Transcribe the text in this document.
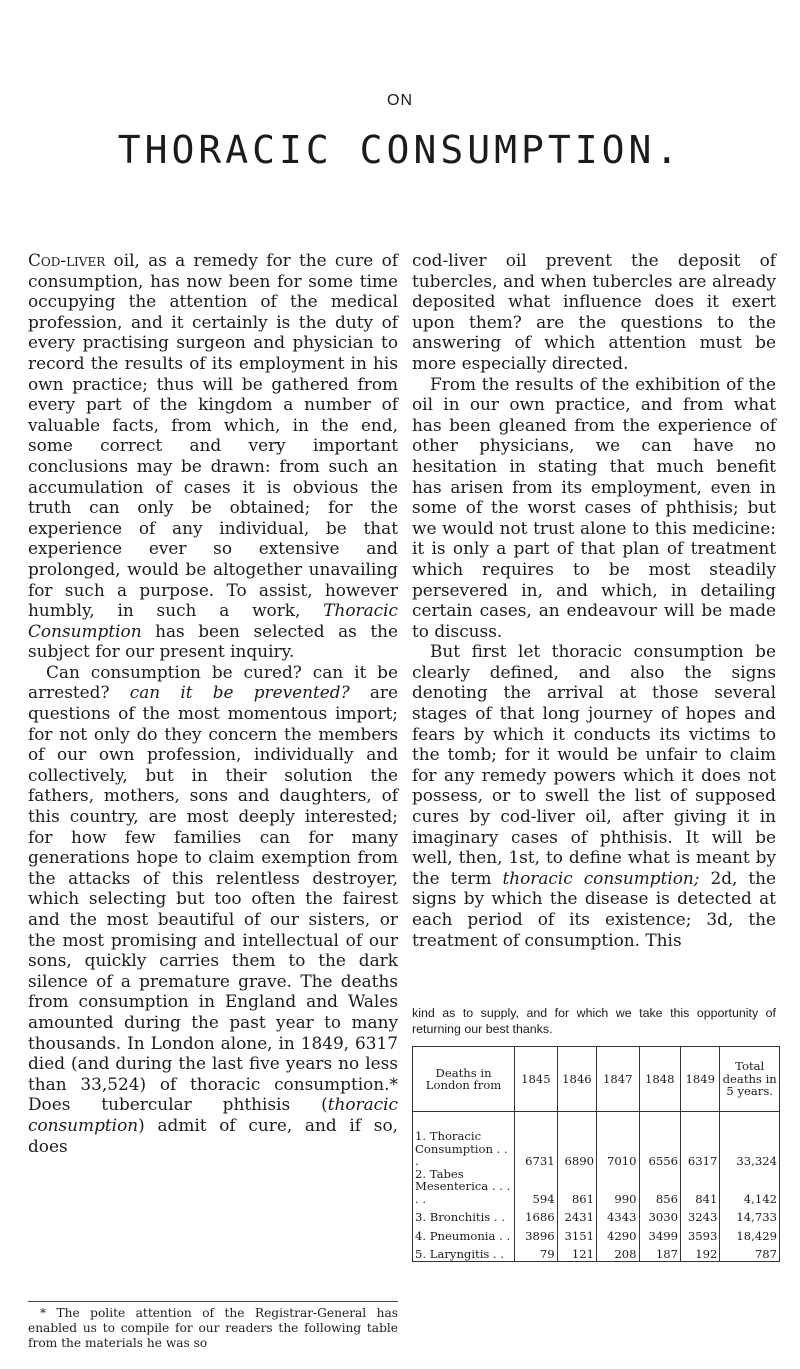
ON
THORACIC CONSUMPTION.

Cod-liver oil, as a remedy for the cure of consumption, has now been for some time occupying the attention of the medical profession, and it certainly is the duty of every practising surgeon and physician to record the results of its employment in his own practice; thus will be gathered from every part of the kingdom a number of valuable facts, from which, in the end, some correct and very important conclusions may be drawn: from such an accumulation of cases it is obvious the truth can only be obtained; for the experience of any individual, be that experience ever so extensive and prolonged, would be altogether unavailing for such a purpose. To assist, however humbly, in such a work, Thoracic Consumption has been selected as the subject for our present inquiry.

Can consumption be cured? can it be arrested? can it be prevented? are questions of the most momentous import; for not only do they concern the members of our own profession, individually and collectively, but in their solution the fathers, mothers, sons and daughters, of this country, are most deeply interested; for how few families can for many generations hope to claim exemption from the attacks of this relentless destroyer, which selecting but too often the fairest and the most beautiful of our sisters, or the most promising and intellectual of our sons, quickly carries them to the dark silence of a premature grave. The deaths from consumption in England and Wales amounted during the past year to many thousands. In London alone, in 1849, 6317 died (and during the last five years no less than 33,524) of thoracic consumption.* Does tubercular phthisis (thoracic consumption) admit of cure, and if so, does

* The polite attention of the Registrar-General has enabled us to compile for our readers the following table from the materials he was so

cod-liver oil prevent the deposit of tubercles, and when tubercles are already deposited what influence does it exert upon them? are the questions to the answering of which attention must be more especially directed.

From the results of the exhibition of the oil in our own practice, and from what has been gleaned from the experience of other physicians, we can have no hesitation in stating that much benefit has arisen from its employment, even in some of the worst cases of phthisis; but we would not trust alone to this medicine: it is only a part of that plan of treatment which requires to be most steadily persevered in, and which, in detailing certain cases, an endeavour will be made to discuss.

But first let thoracic consumption be clearly defined, and also the signs denoting the arrival at those several stages of that long journey of hopes and fears by which it conducts its victims to the tomb; for it would be unfair to claim for any remedy powers which it does not possess, or to swell the list of supposed cures by cod-liver oil, after giving it in imaginary cases of phthisis. It will be well, then, 1st, to define what is meant by the term thoracic consumption; 2d, the signs by which the disease is detected at each period of its existence; 3d, the treatment of consumption. This

kind as to supply, and for which we take this opportunity of returning our best thanks.
Deaths in London from	1845	1846	1847	1848	1849	Total deaths in 5 years.
1. Thoracic Consumption . . .	6731	6890	7010	6556	6317	33,324
2. Tabes Mesenterica . . . . .	594	861	990	856	841	4,142
3. Bronchitis . .	1686	2431	4343	3030	3243	14,733
4. Pneumonia . .	3896	3151	4290	3499	3593	18,429
5. Laryngitis . .	79	121	208	187	192	787
